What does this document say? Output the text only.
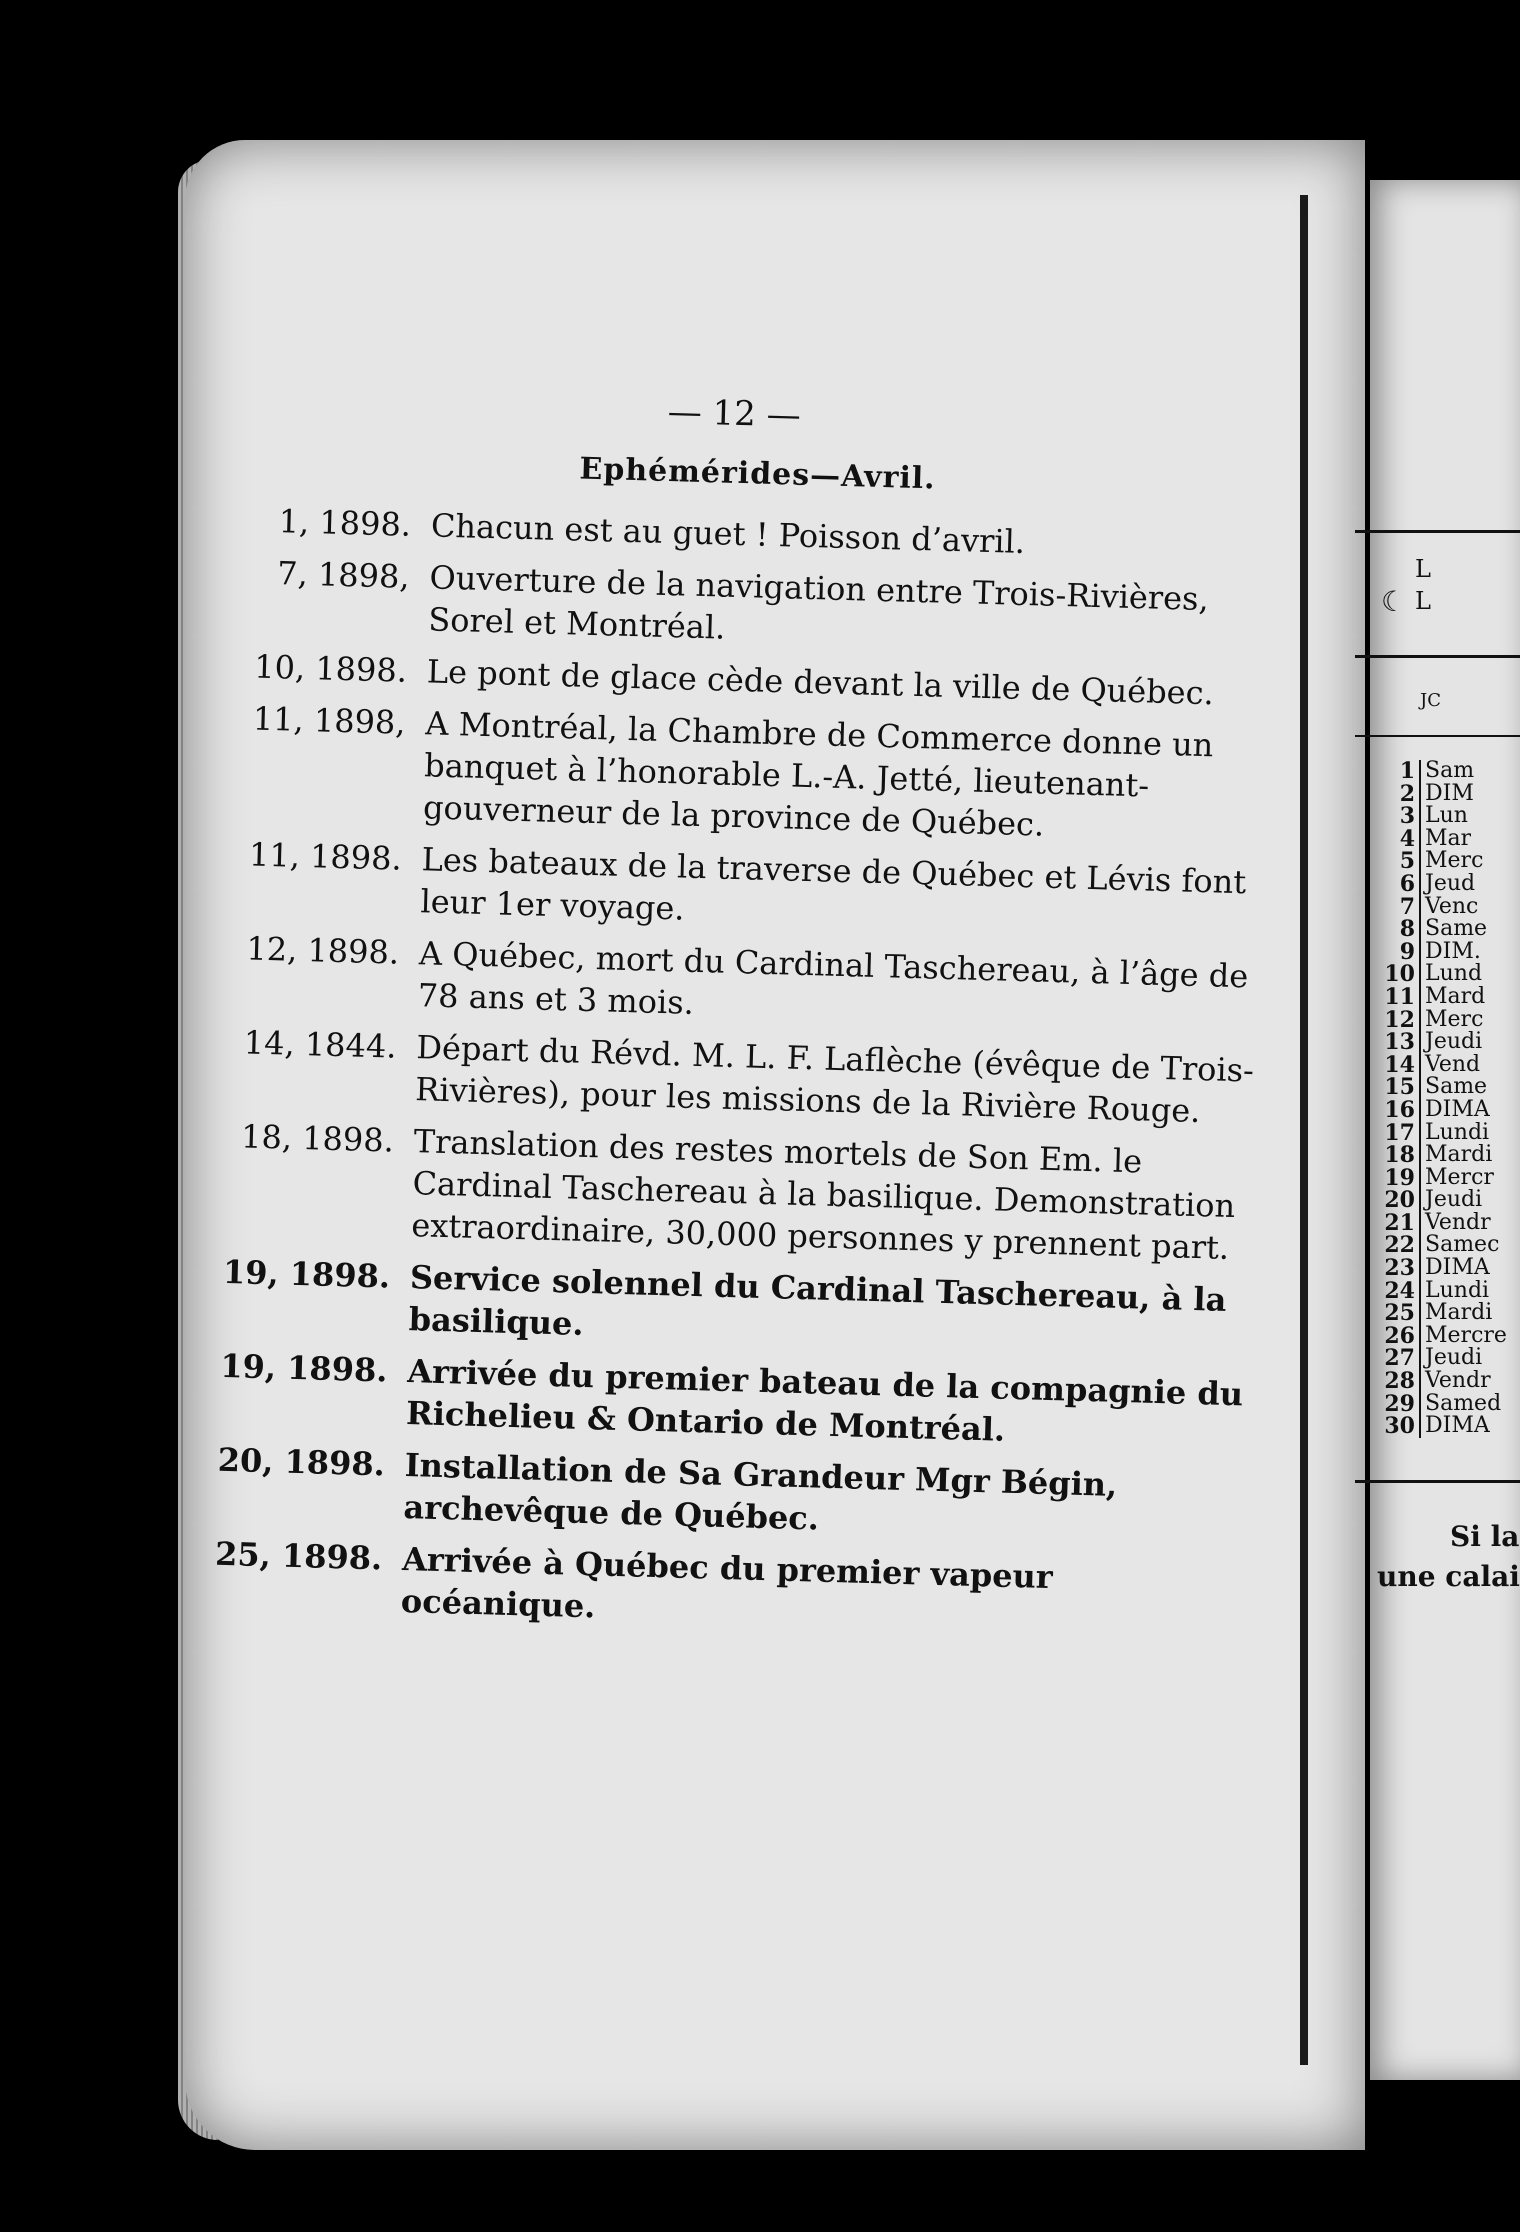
— 12 —
Ephémérides—Avril.
1, 1898. Chacun est au guet ! Poisson d’avril.
7, 1898, Ouverture de la navigation entre Trois-Rivières, Sorel et Montréal.
10, 1898. Le pont de glace cède devant la ville de Québec.
11, 1898, A Montréal, la Chambre de Commerce donne un banquet à l’honorable L.-A. Jetté, lieutenant-gouverneur de la province de Québec.
11, 1898. Les bateaux de la traverse de Québec et Lévis font leur 1er voyage.
12, 1898. A Québec, mort du Cardinal Taschereau, à l’âge de 78 ans et 3 mois.
14, 1844. Départ du Révd. M. L. F. Laflèche (évêque de Trois-Rivières), pour les missions de la Rivière Rouge.
18, 1898. Translation des restes mortels de Son Em. le Cardinal Taschereau à la basilique. Demonstration extraordinaire, 30,000 personnes y prennent part.
19, 1898. Service solennel du Cardinal Taschereau, à la basilique.
19, 1898. Arrivée du premier bateau de la compagnie du Richelieu & Ontario de Montréal.
20, 1898. Installation de Sa Grandeur Mgr Bégin, archevêque de Québec.
25, 1898. Arrivée à Québec du premier vapeur océanique.
☾
L
L
JC
1 Sam
2 DIM
3 Lun
4 Mar
5 Merc
6 Jeud
7 Venc
8 Same
9 DIM.
10 Lund
11 Mard
12 Merc
13 Jeudi
14 Vend
15 Same
16 DIMA
17 Lundi
18 Mardi
19 Mercr
20 Jeudi
21 Vendr
22 Samec
23 DIMA
24 Lundi
25 Mardi
26 Mercre
27 Jeudi
28 Vendr
29 Samed
30 DIMA
Si la
une calai
